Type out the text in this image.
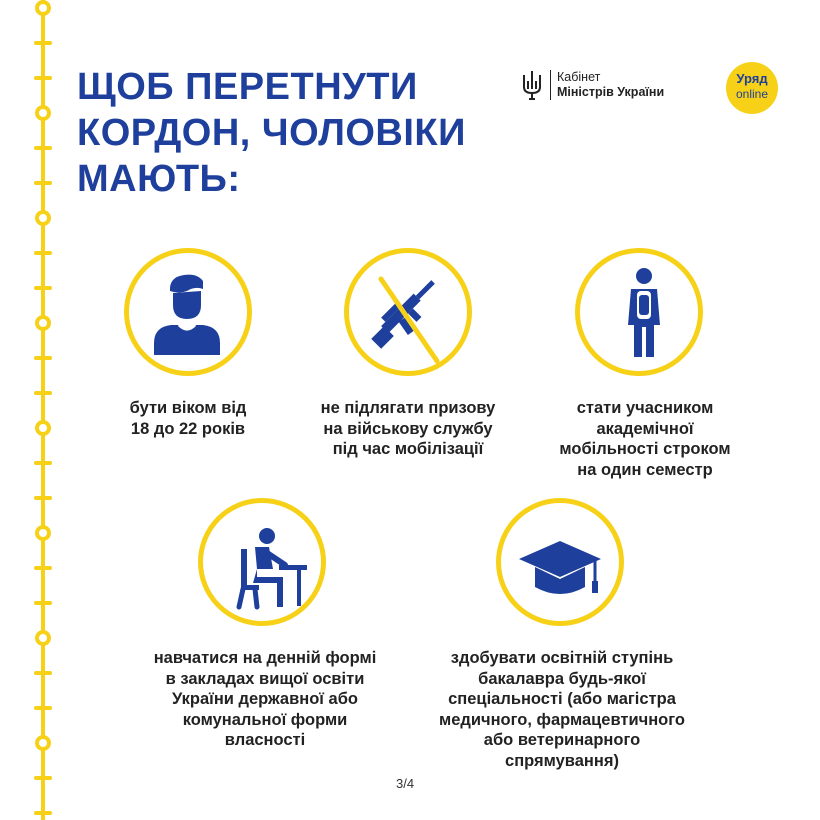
ЩОБ ПЕРЕТНУТИ
КОРДОН, ЧОЛОВІКИ
МАЮТЬ:
Кабінет
Міністрів України
Уряд
online

бути віком від
18 до 22 років

не підлягати призову
на військову службу
під час мобілізації

стати учасником
академічної
мобільності строком
на один семестр

навчатися на денній формі
в закладах вищої освіти
України державної або
комунальної форми
власності

здобувати освітній ступінь
бакалавра будь-якої
спеціальності (або магістра
медичного, фармацевтичного
або ветеринарного
спрямування)

3/4
